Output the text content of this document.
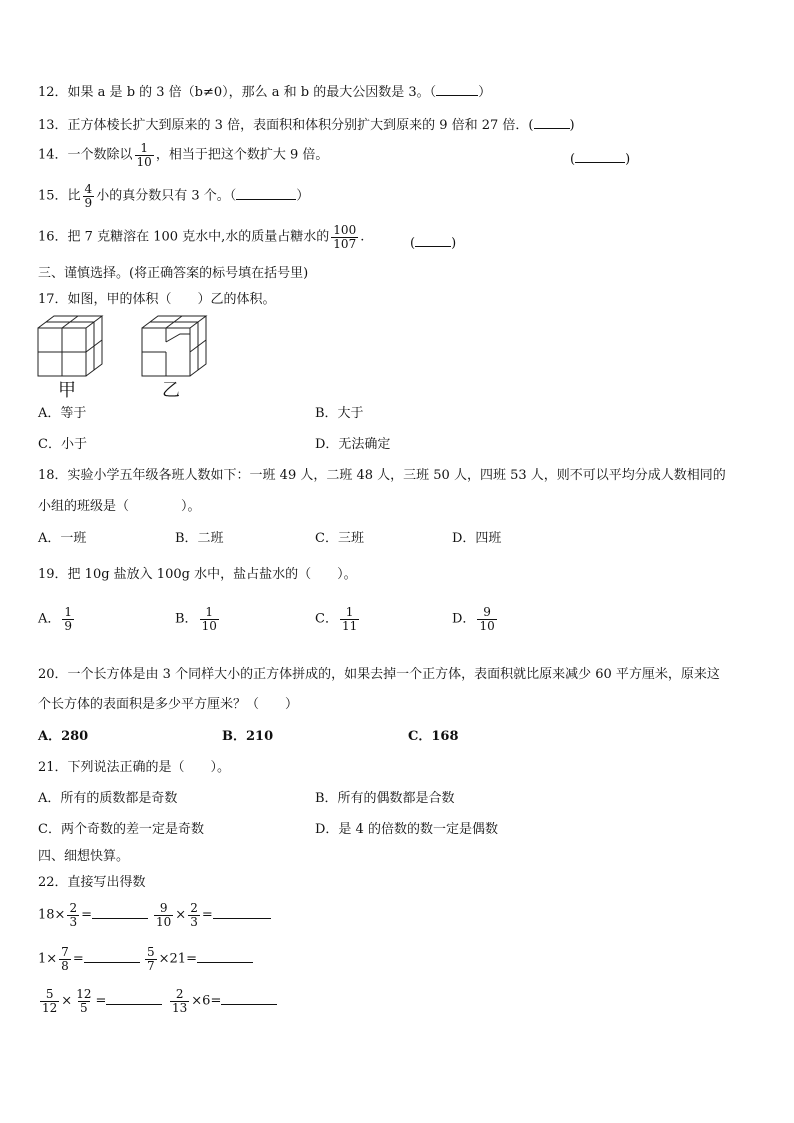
12．如果 a 是 b 的 3 倍（b≠0），那么 a 和 b 的最大公因数是 3。（	）
13．正方体棱长扩大到原来的 3 倍，表面积和体积分别扩大到原来的 9 倍和 27 倍．(	)
14．一个数除以 $\frac{1}{10}$ ，相当于把这个数扩大 9 倍。	(	)
15．比 $\frac{4}{9}$ 小的真分数只有 3 个。（	）
16．把 7 克糖溶在 100 克水中,水的质量占糖水的 $\frac{100}{107}$ .	(	)
三、谨慎选择。(将正确答案的标号填在括号里)
17．如图，甲的体积（　　）乙的体积。
甲	乙
A．等于	B．大于
C．小于	D．无法确定
18．实验小学五年级各班人数如下：一班 49 人，二班 48 人，三班 50 人，四班 53 人，则不可以平均分成人数相同的
小组的班级是（　　　　）。
A．一班	B．二班	C．三班	D．四班
19．把 10g 盐放入 100g 水中，盐占盐水的（　　）。
A． $\frac{1}{9}$	B． $\frac{1}{10}$	C． $\frac{1}{11}$	D． $\frac{9}{10}$
20．一个长方体是由 3 个同样大小的正方体拼成的，如果去掉一个正方体，表面积就比原来减少 60 平方厘米，原来这
个长方体的表面积是多少平方厘米？（　　）
A．280	B．210	C．168
21．下列说法正确的是（　　）。
A．所有的质数都是奇数	B．所有的偶数都是合数
C．两个奇数的差一定是奇数	D．是 4 的倍数的数一定是偶数
四、细想快算。
22．直接写出得数
$18\times \frac{2}{3}$ =	$\frac{9}{10} \times \frac{2}{3}$ =
$1\times \frac{7}{8}$ =	$\frac{5}{7} \times 21=$
$\frac{5}{12} \times \frac{12}{5}$ =	$\frac{2}{13} \times 6=$
